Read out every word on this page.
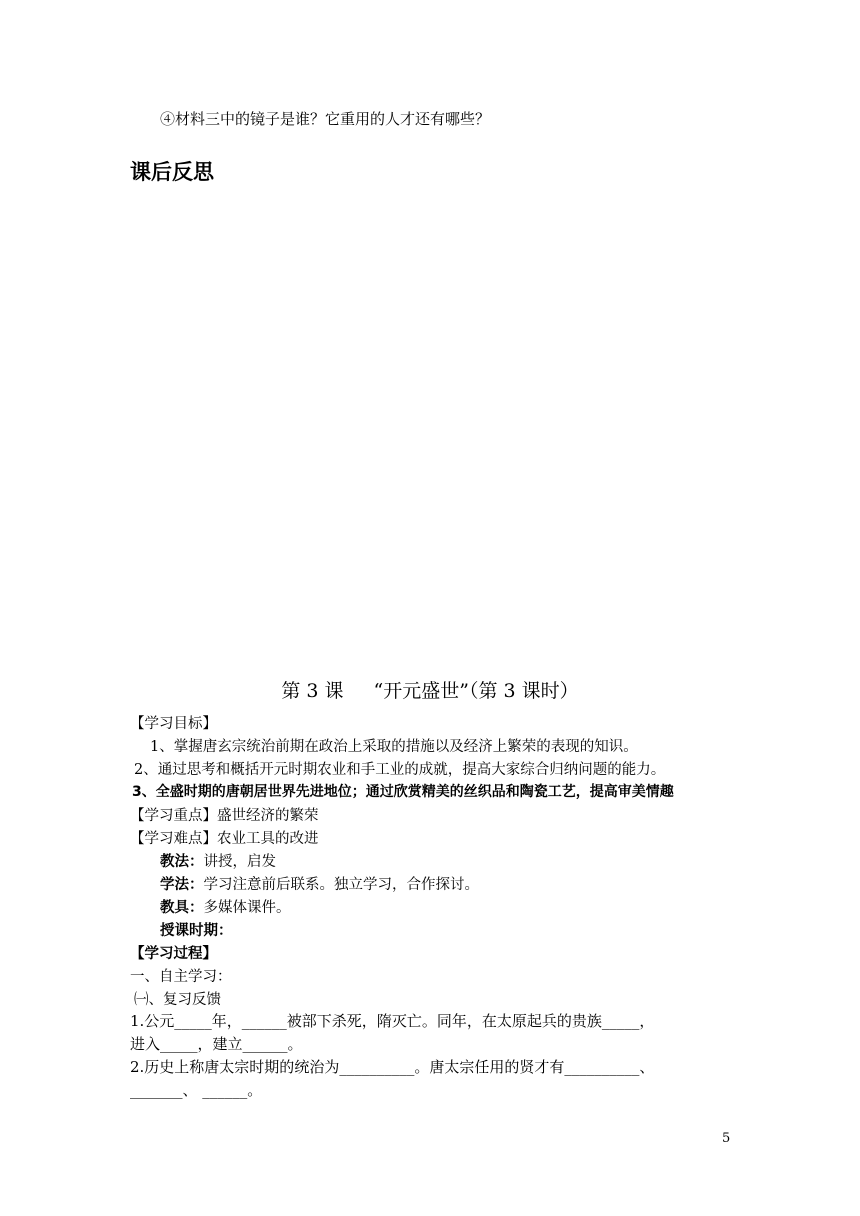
④材料三中的镜子是谁？它重用的人才还有哪些？
课后反思
第 3 课 “开元盛世”（第 3 课时）
【学习目标】
1、掌握唐玄宗统治前期在政治上采取的措施以及经济上繁荣的表现的知识。
2、通过思考和概括开元时期农业和手工业的成就，提高大家综合归纳问题的能力。
3、全盛时期的唐朝居世界先进地位；通过欣赏精美的丝织品和陶瓷工艺，提高审美情趣
【学习重点】盛世经济的繁荣
【学习难点】农业工具的改进
教法：讲授，启发
学法：学习注意前后联系。独立学习，合作探讨。
教具：多媒体课件。
授课时期：
【学习过程】
一、自主学习：
㈠、复习反馈
1.公元_____年，______被部下杀死，隋灭亡。同年，在太原起兵的贵族_____，
进入_____，建立______。
2.历史上称唐太宗时期的统治为__________。唐太宗任用的贤才有__________、
_______、 ______。
5
